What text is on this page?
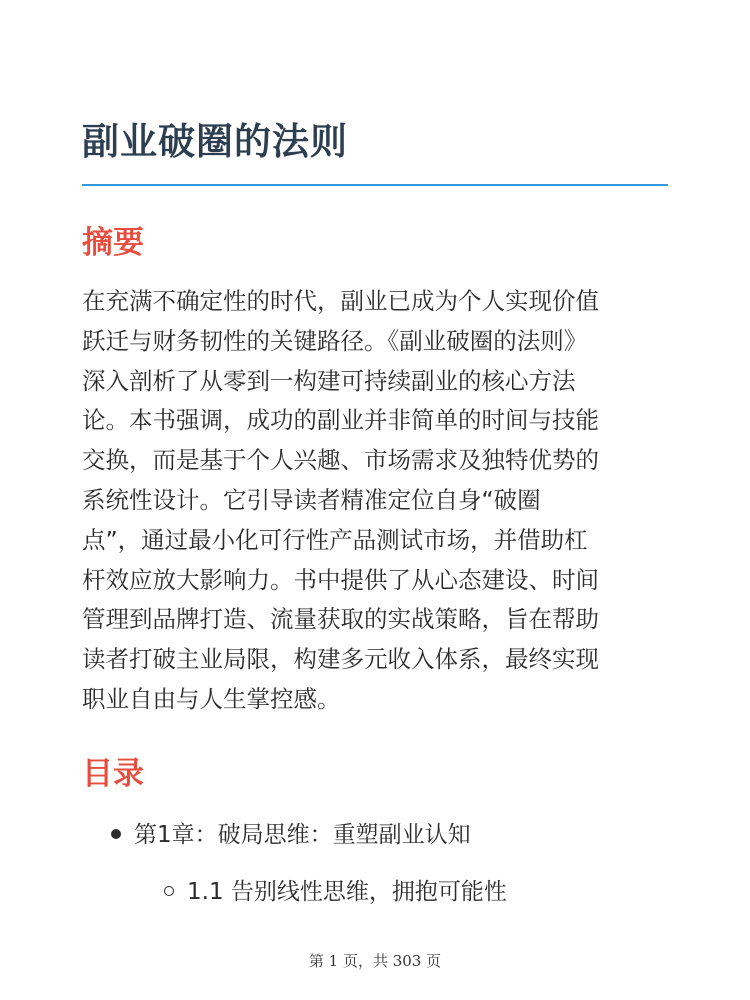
副业破圈的法则
摘要

在充满不确定性的时代，副业已成为个人实现价值
跃迁与财务韧性的关键路径。《副业破圈的法则》
深入剖析了从零到一构建可持续副业的核心方法
论。本书强调，成功的副业并非简单的时间与技能
交换，而是基于个人兴趣、市场需求及独特优势的
系统性设计。它引导读者精准定位自身“破圈
点”，通过最小化可行性产品测试市场，并借助杠
杆效应放大影响力。书中提供了从心态建设、时间
管理到品牌打造、流量获取的实战策略，旨在帮助
读者打破主业局限，构建多元收入体系，最终实现
职业自由与人生掌控感。

目录
第1章：破局思维：重塑副业认知
1.1 告别线性思维，拥抱可能性
第 1 页，共 303 页
